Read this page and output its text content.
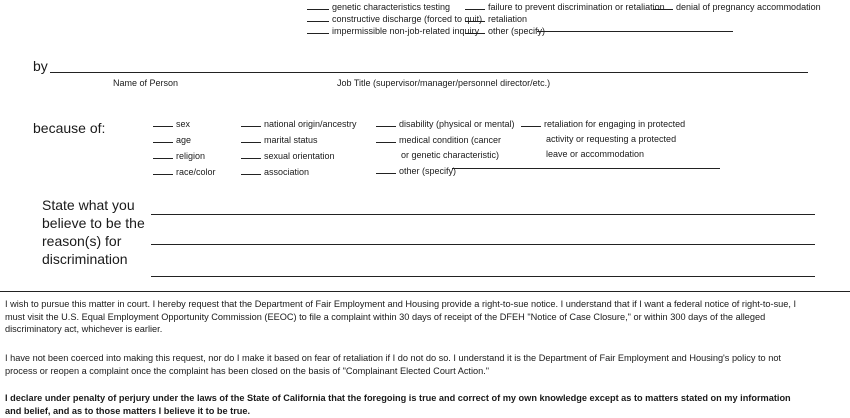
genetic characteristics testing
constructive discharge (forced to quit)
impermissible non-job-related inquiry
failure to prevent discrimination or retaliation
retaliation
other (specify)
denial of pregnancy accommodation
by
Name of Person	Job Title (supervisor/manager/personnel director/etc.)
because of:	sex
age
religion
race/color
national origin/ancestry
marital status
sexual orientation
association
disability (physical or mental)
medical condition (cancer
or genetic characteristic)
other (specify)
retaliation for engaging in protected
activity or requesting a protected
leave or accommodation
State what you
believe to be the
reason(s) for
discrimination
I wish to pursue this matter in court. I hereby request that the Department of Fair Employment and Housing provide a right-to-sue notice. I understand that if I want a federal notice of right-to-sue, I must visit the U.S. Equal Employment Opportunity Commission (EEOC) to file a complaint within 30 days of receipt of the DFEH "Notice of Case Closure," or within 300 days of the alleged discriminatory act, whichever is earlier.
I have not been coerced into making this request, nor do I make it based on fear of retaliation if I do not do so. I understand it is the Department of Fair Employment and Housing's policy to not process or reopen a complaint once the complaint has been closed on the basis of "Complainant Elected Court Action."
I declare under penalty of perjury under the laws of the State of California that the foregoing is true and correct of my own knowledge except as to matters stated on my information and belief, and as to those matters I believe it to be true.
